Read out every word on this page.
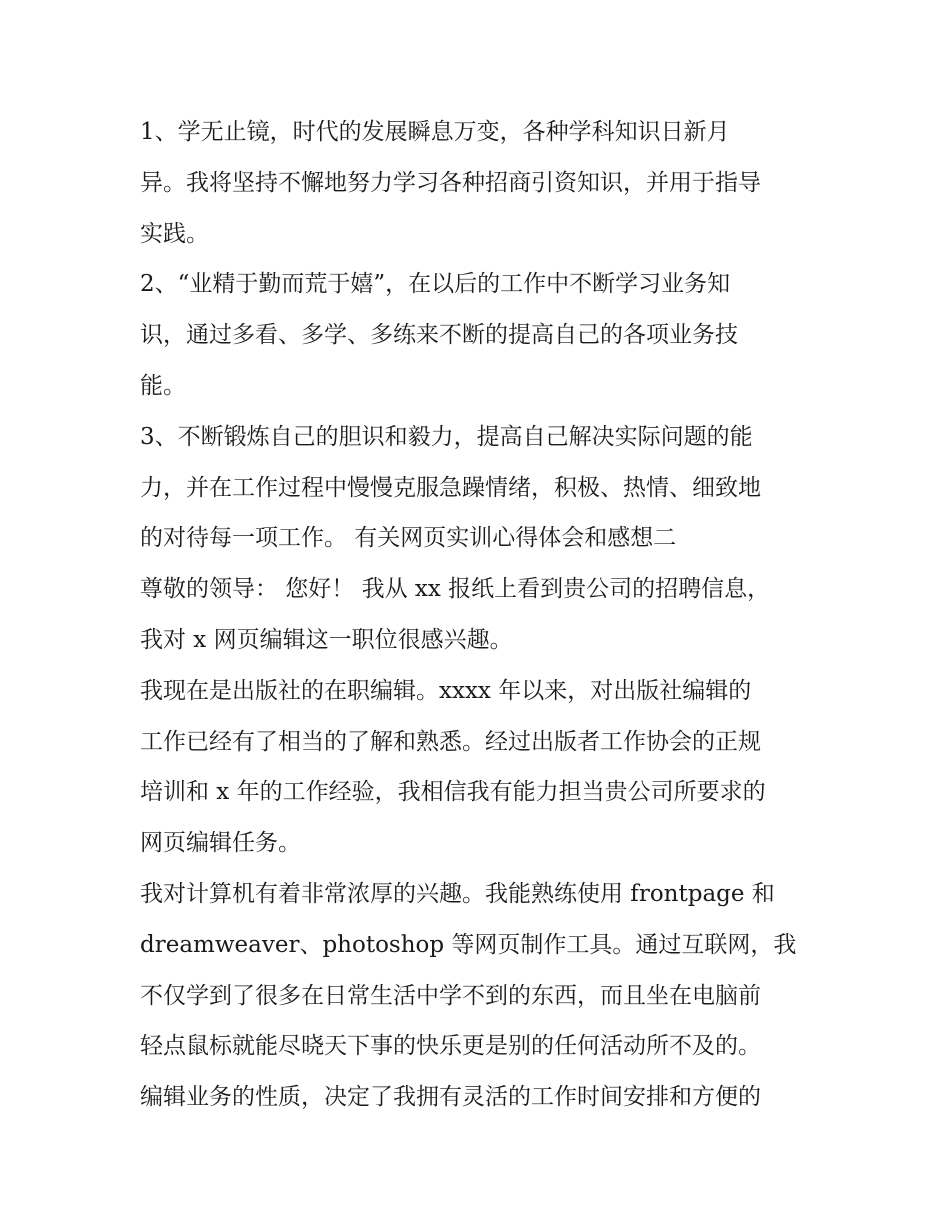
1、学无止镜，时代的发展瞬息万变，各种学科知识日新月
异。我将坚持不懈地努力学习各种招商引资知识，并用于指导
实践。
2、“业精于勤而荒于嬉”，在以后的工作中不断学习业务知
识，通过多看、多学、多练来不断的提高自己的各项业务技
能。
3、不断锻炼自己的胆识和毅力，提高自己解决实际问题的能
力，并在工作过程中慢慢克服急躁情绪，积极、热情、细致地
的对待每一项工作。 有关网页实训心得体会和感想二
尊敬的领导： 您好！ 我从 xx 报纸上看到贵公司的招聘信息，
我对 x 网页编辑这一职位很感兴趣。
我现在是出版社的在职编辑。xxxx 年以来，对出版社编辑的
工作已经有了相当的了解和熟悉。经过出版者工作协会的正规
培训和 x 年的工作经验，我相信我有能力担当贵公司所要求的
网页编辑任务。
我对计算机有着非常浓厚的兴趣。我能熟练使用 frontpage 和
dreamweaver、photoshop 等网页制作工具。通过互联网，我
不仅学到了很多在日常生活中学不到的东西，而且坐在电脑前
轻点鼠标就能尽晓天下事的快乐更是别的任何活动所不及的。
编辑业务的性质，决定了我拥有灵活的工作时间安排和方便的
